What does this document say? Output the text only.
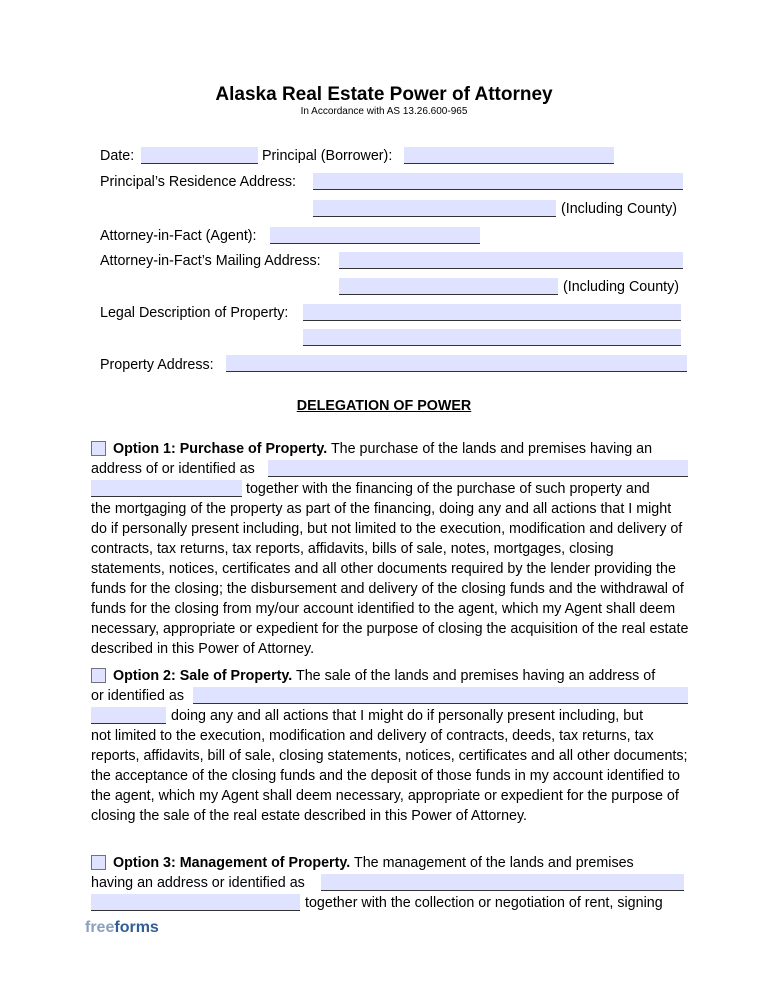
Alaska Real Estate Power of Attorney
In Accordance with AS 13.26.600-965
Date:	Principal (Borrower):
Principal’s Residence Address:
(Including County)
Attorney-in-Fact (Agent):
Attorney-in-Fact’s Mailing Address:
(Including County)
Legal Description of Property:
Property Address:
DELEGATION OF POWER
Option 1: Purchase of Property. The purchase of the lands and premises having an
address of or identified as
together with the financing of the purchase of such property and
the mortgaging of the property as part of the financing, doing any and all actions that I might do if personally present including, but not limited to the execution, modification and delivery of contracts, tax returns, tax reports, affidavits, bills of sale, notes, mortgages, closing statements, notices, certificates and all other documents required by the lender providing the funds for the closing; the disbursement and delivery of the closing funds and the withdrawal of funds for the closing from my/our account identified to the agent, which my Agent shall deem necessary, appropriate or expedient for the purpose of closing the acquisition of the real estate described in this Power of Attorney.
Option 2: Sale of Property. The sale of the lands and premises having an address of
or identified as
doing any and all actions that I might do if personally present including, but
not limited to the execution, modification and delivery of contracts, deeds, tax returns, tax reports, affidavits, bill of sale, closing statements, notices, certificates and all other documents; the acceptance of the closing funds and the deposit of those funds in my account identified to the agent, which my Agent shall deem necessary, appropriate or expedient for the purpose of closing the sale of the real estate described in this Power of Attorney.
Option 3: Management of Property. The management of the lands and premises
having an address or identified as
together with the collection or negotiation of rent, signing
freeforms
